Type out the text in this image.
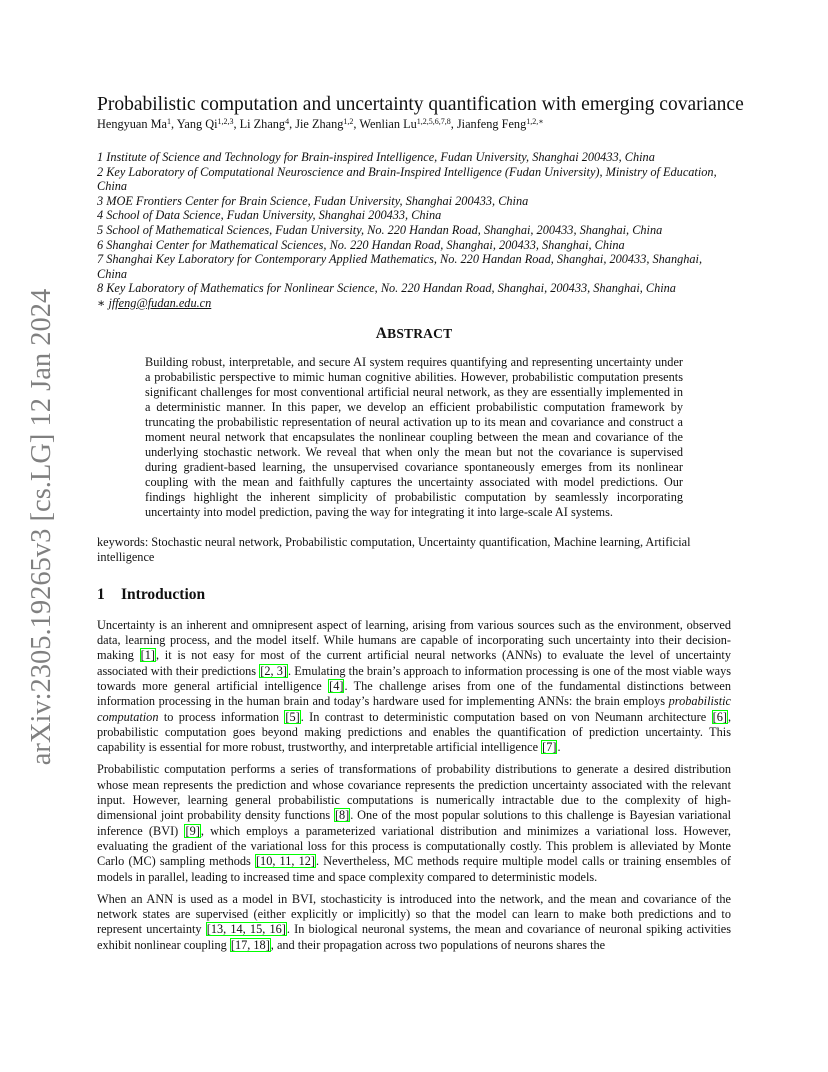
arXiv:2305.19265v3 [cs.LG] 12 Jan 2024
Probabilistic computation and uncertainty quantification with emerging covariance
Hengyuan Ma$^1$, Yang Qi$^{1,2,3}$, Li Zhang$^4$, Jie Zhang$^{1,2}$, Wenlian Lu$^{1,2,5,6,7,8}$, Jianfeng Feng$^{1,2,∗}$
1 Institute of Science and Technology for Brain-inspired Intelligence, Fudan University, Shanghai 200433, China
2 Key Laboratory of Computational Neuroscience and Brain-Inspired Intelligence (Fudan University), Ministry of Education, China
3 MOE Frontiers Center for Brain Science, Fudan University, Shanghai 200433, China
4 School of Data Science, Fudan University, Shanghai 200433, China
5 School of Mathematical Sciences, Fudan University, No. 220 Handan Road, Shanghai, 200433, Shanghai, China
6 Shanghai Center for Mathematical Sciences, No. 220 Handan Road, Shanghai, 200433, Shanghai, China
7 Shanghai Key Laboratory for Contemporary Applied Mathematics, No. 220 Handan Road, Shanghai, 200433, Shanghai, China
8 Key Laboratory of Mathematics for Nonlinear Science, No. 220 Handan Road, Shanghai, 200433, Shanghai, China
∗ jffeng@fudan.edu.cn
ABSTRACT
Building robust, interpretable, and secure AI system requires quantifying and representing uncertainty under a probabilistic perspective to mimic human cognitive abilities. However, probabilistic computation presents significant challenges for most conventional artificial neural network, as they are essentially implemented in a deterministic manner. In this paper, we develop an efficient probabilistic computation framework by truncating the probabilistic representation of neural activation up to its mean and covariance and construct a moment neural network that encapsulates the nonlinear coupling between the mean and covariance of the underlying stochastic network. We reveal that when only the mean but not the covariance is supervised during gradient-based learning, the unsupervised covariance spontaneously emerges from its nonlinear coupling with the mean and faithfully captures the uncertainty associated with model predictions. Our findings highlight the inherent simplicity of probabilistic computation by seamlessly incorporating uncertainty into model prediction, paving the way for integrating it into large-scale AI systems.
keywords: Stochastic neural network, Probabilistic computation, Uncertainty quantification, Machine learning, Artificial intelligence
1	Introduction
Uncertainty is an inherent and omnipresent aspect of learning, arising from various sources such as the environment, observed data, learning process, and the model itself. While humans are capable of incorporating such uncertainty into their decision-making [1], it is not easy for most of the current artificial neural networks (ANNs) to evaluate the level of uncertainty associated with their predictions [2, 3]. Emulating the brain’s approach to information processing is one of the most viable ways towards more general artificial intelligence [4]. The challenge arises from one of the fundamental distinctions between information processing in the human brain and today’s hardware used for implementing ANNs: the brain employs probabilistic computation to process information [5]. In contrast to deterministic computation based on von Neumann architecture [6], probabilistic computation goes beyond making predictions and enables the quantification of prediction uncertainty. This capability is essential for more robust, trustworthy, and interpretable artificial intelligence [7].
Probabilistic computation performs a series of transformations of probability distributions to generate a desired distribution whose mean represents the prediction and whose covariance represents the prediction uncertainty associated with the relevant input. However, learning general probabilistic computations is numerically intractable due to the complexity of high-dimensional joint probability density functions [8]. One of the most popular solutions to this challenge is Bayesian variational inference (BVI) [9], which employs a parameterized variational distribution and minimizes a variational loss. However, evaluating the gradient of the variational loss for this process is computationally costly. This problem is alleviated by Monte Carlo (MC) sampling methods [10, 11, 12]. Nevertheless, MC methods require multiple model calls or training ensembles of models in parallel, leading to increased time and space complexity compared to deterministic models.
When an ANN is used as a model in BVI, stochasticity is introduced into the network, and the mean and covariance of the network states are supervised (either explicitly or implicitly) so that the model can learn to make both predictions and to represent uncertainty [13, 14, 15, 16]. In biological neuronal systems, the mean and covariance of neuronal spiking activities exhibit nonlinear coupling [17, 18], and their propagation across two populations of neurons shares the
